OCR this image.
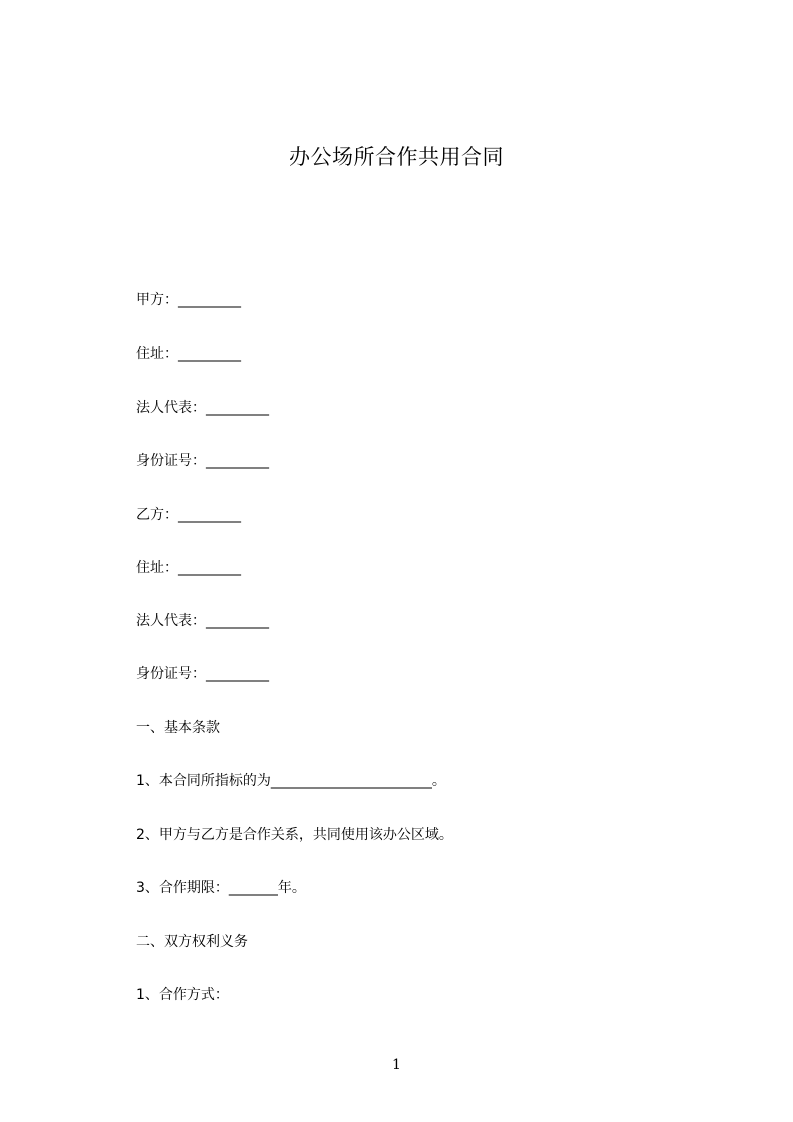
办公场所合作共用合同
甲方：_________
住址：_________
法人代表：_________
身份证号：_________
乙方：_________
住址：_________
法人代表：_________
身份证号：_________
一、基本条款
1、本合同所指标的为_______________________。
2、甲方与乙方是合作关系，共同使用该办公区域。
3、合作期限：_______年。
二、双方权利义务
1、合作方式：
1
